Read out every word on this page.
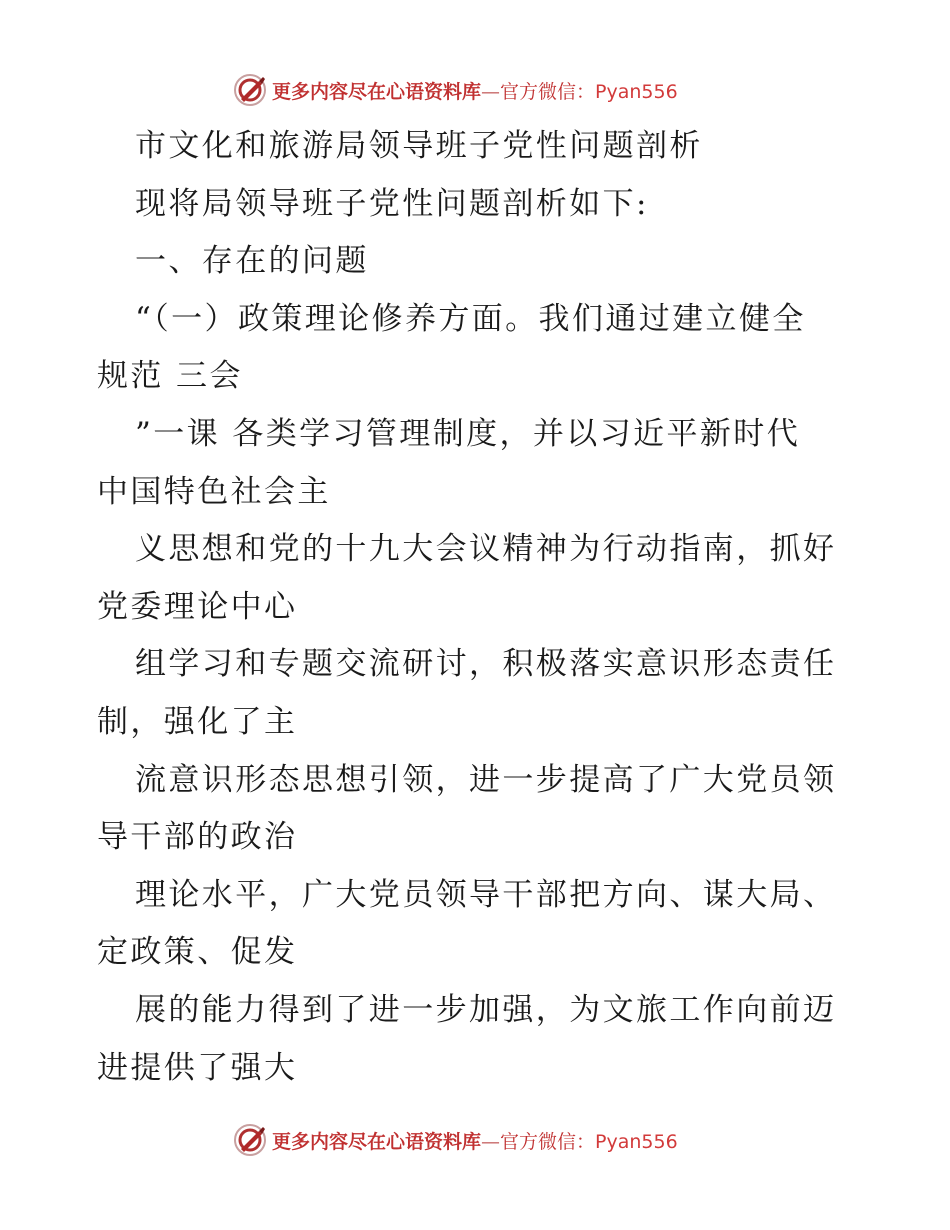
更多内容尽在心语资料库—官方微信：Pyan556
市文化和旅游局领导班子党性问题剖析
现将局领导班子党性问题剖析如下:
一、存在的问题
“（一）政策理论修养方面。我们通过建立健全
规范 三会
”一课 各类学习管理制度，并以习近平新时代
中国特色社会主
义思想和党的十九大会议精神为行动指南，抓好
党委理论中心
组学习和专题交流研讨，积极落实意识形态责任
制，强化了主
流意识形态思想引领，进一步提高了广大党员领
导干部的政治
理论水平，广大党员领导干部把方向、谋大局、
定政策、促发
展的能力得到了进一步加强，为文旅工作向前迈
进提供了强大
更多内容尽在心语资料库—官方微信：Pyan556
